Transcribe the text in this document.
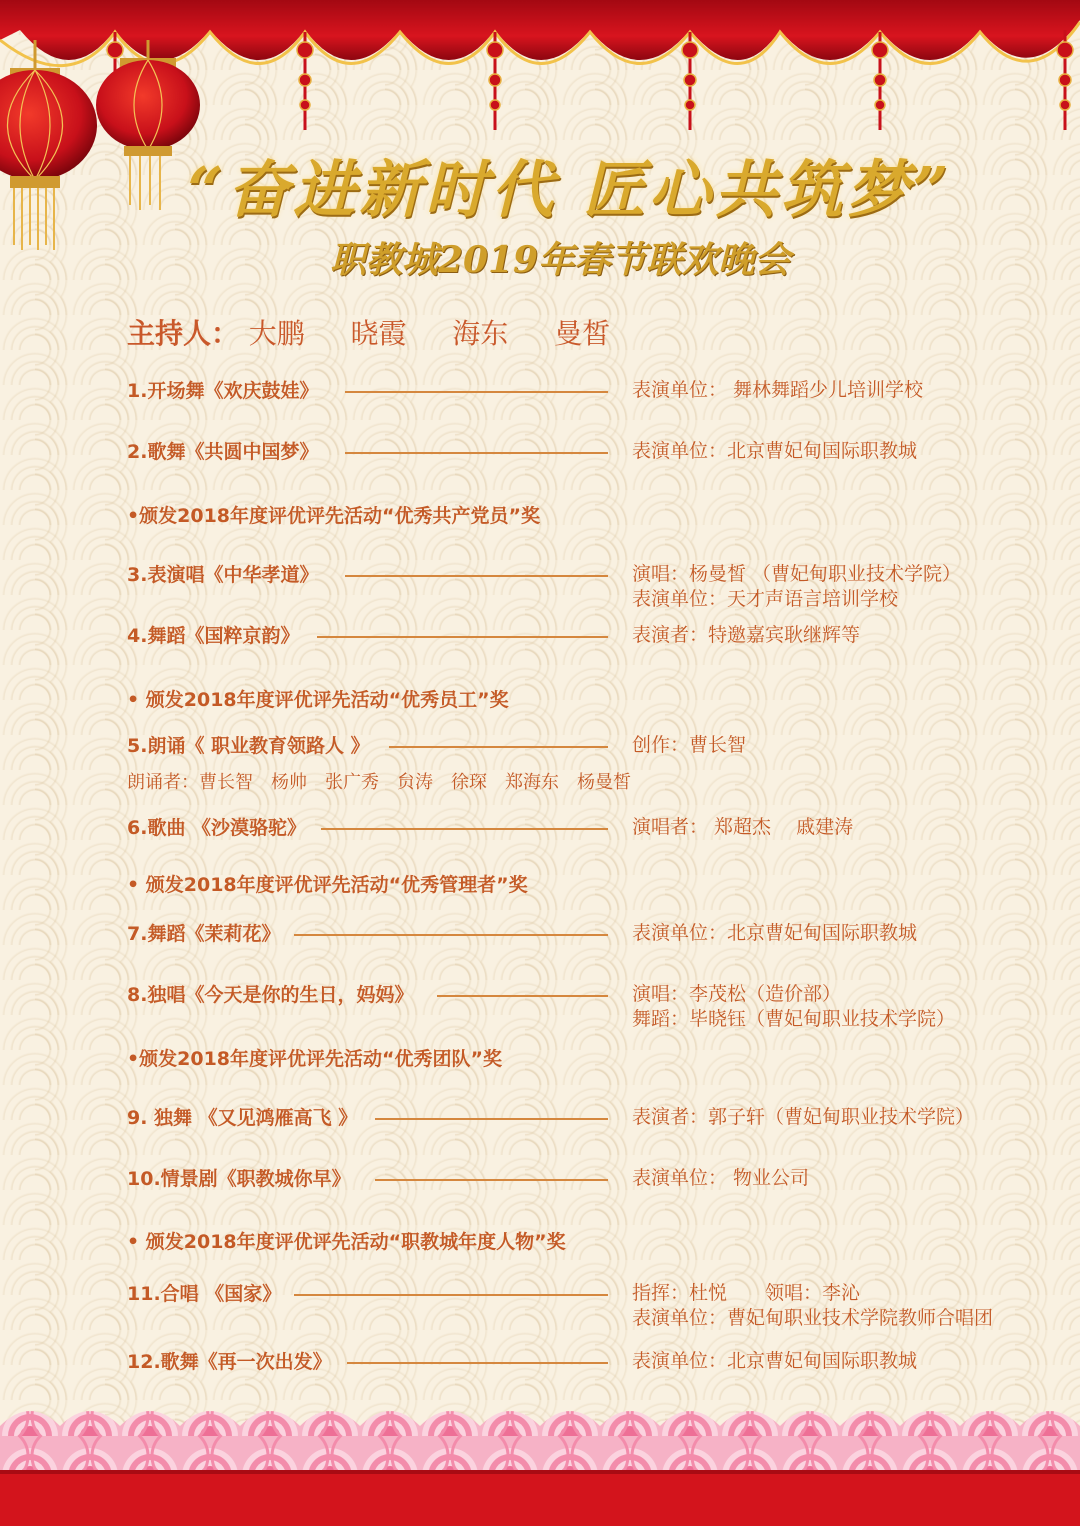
“奋进新时代 匠心共筑梦”
职教城2019年春节联欢晚会
主持人： 大鹏 晓霞 海东 曼皙
1.开场舞《欢庆鼓娃》	表演单位： 舞林舞蹈少儿培训学校
2.歌舞《共圆中国梦》	表演单位：北京曹妃甸国际职教城
•颁发2018年度评优评先活动“优秀共产党员”奖
3.表演唱《中华孝道》	演唱：杨曼皙 （曹妃甸职业技术学院）
表演单位：天才声语言培训学校
4.舞蹈《国粹京韵》	表演者：特邀嘉宾耿继辉等
• 颁发2018年度评优评先活动“优秀员工”奖
5.朗诵《 职业教育领路人 》	创作：曹长智
朗诵者：曹长智 杨帅 张广秀 贠涛 徐琛 郑海东 杨曼皙
6.歌曲 《沙漠骆驼》	演唱者： 郑超杰　 戚建涛
• 颁发2018年度评优评先活动“优秀管理者”奖
7.舞蹈《茉莉花》	表演单位：北京曹妃甸国际职教城
8.独唱《今天是你的生日，妈妈》	演唱：李茂松（造价部）
舞蹈：毕晓钰（曹妃甸职业技术学院）
•颁发2018年度评优评先活动“优秀团队”奖
9. 独舞 《又见鸿雁高飞 》	表演者：郭子轩（曹妃甸职业技术学院）
10.情景剧《职教城你早》	表演单位： 物业公司
• 颁发2018年度评优评先活动“职教城年度人物”奖
11.合唱 《国家》	指挥：杜悦　　领唱：李沁
表演单位：曹妃甸职业技术学院教师合唱团
12.歌舞《再一次出发》	表演单位：北京曹妃甸国际职教城
